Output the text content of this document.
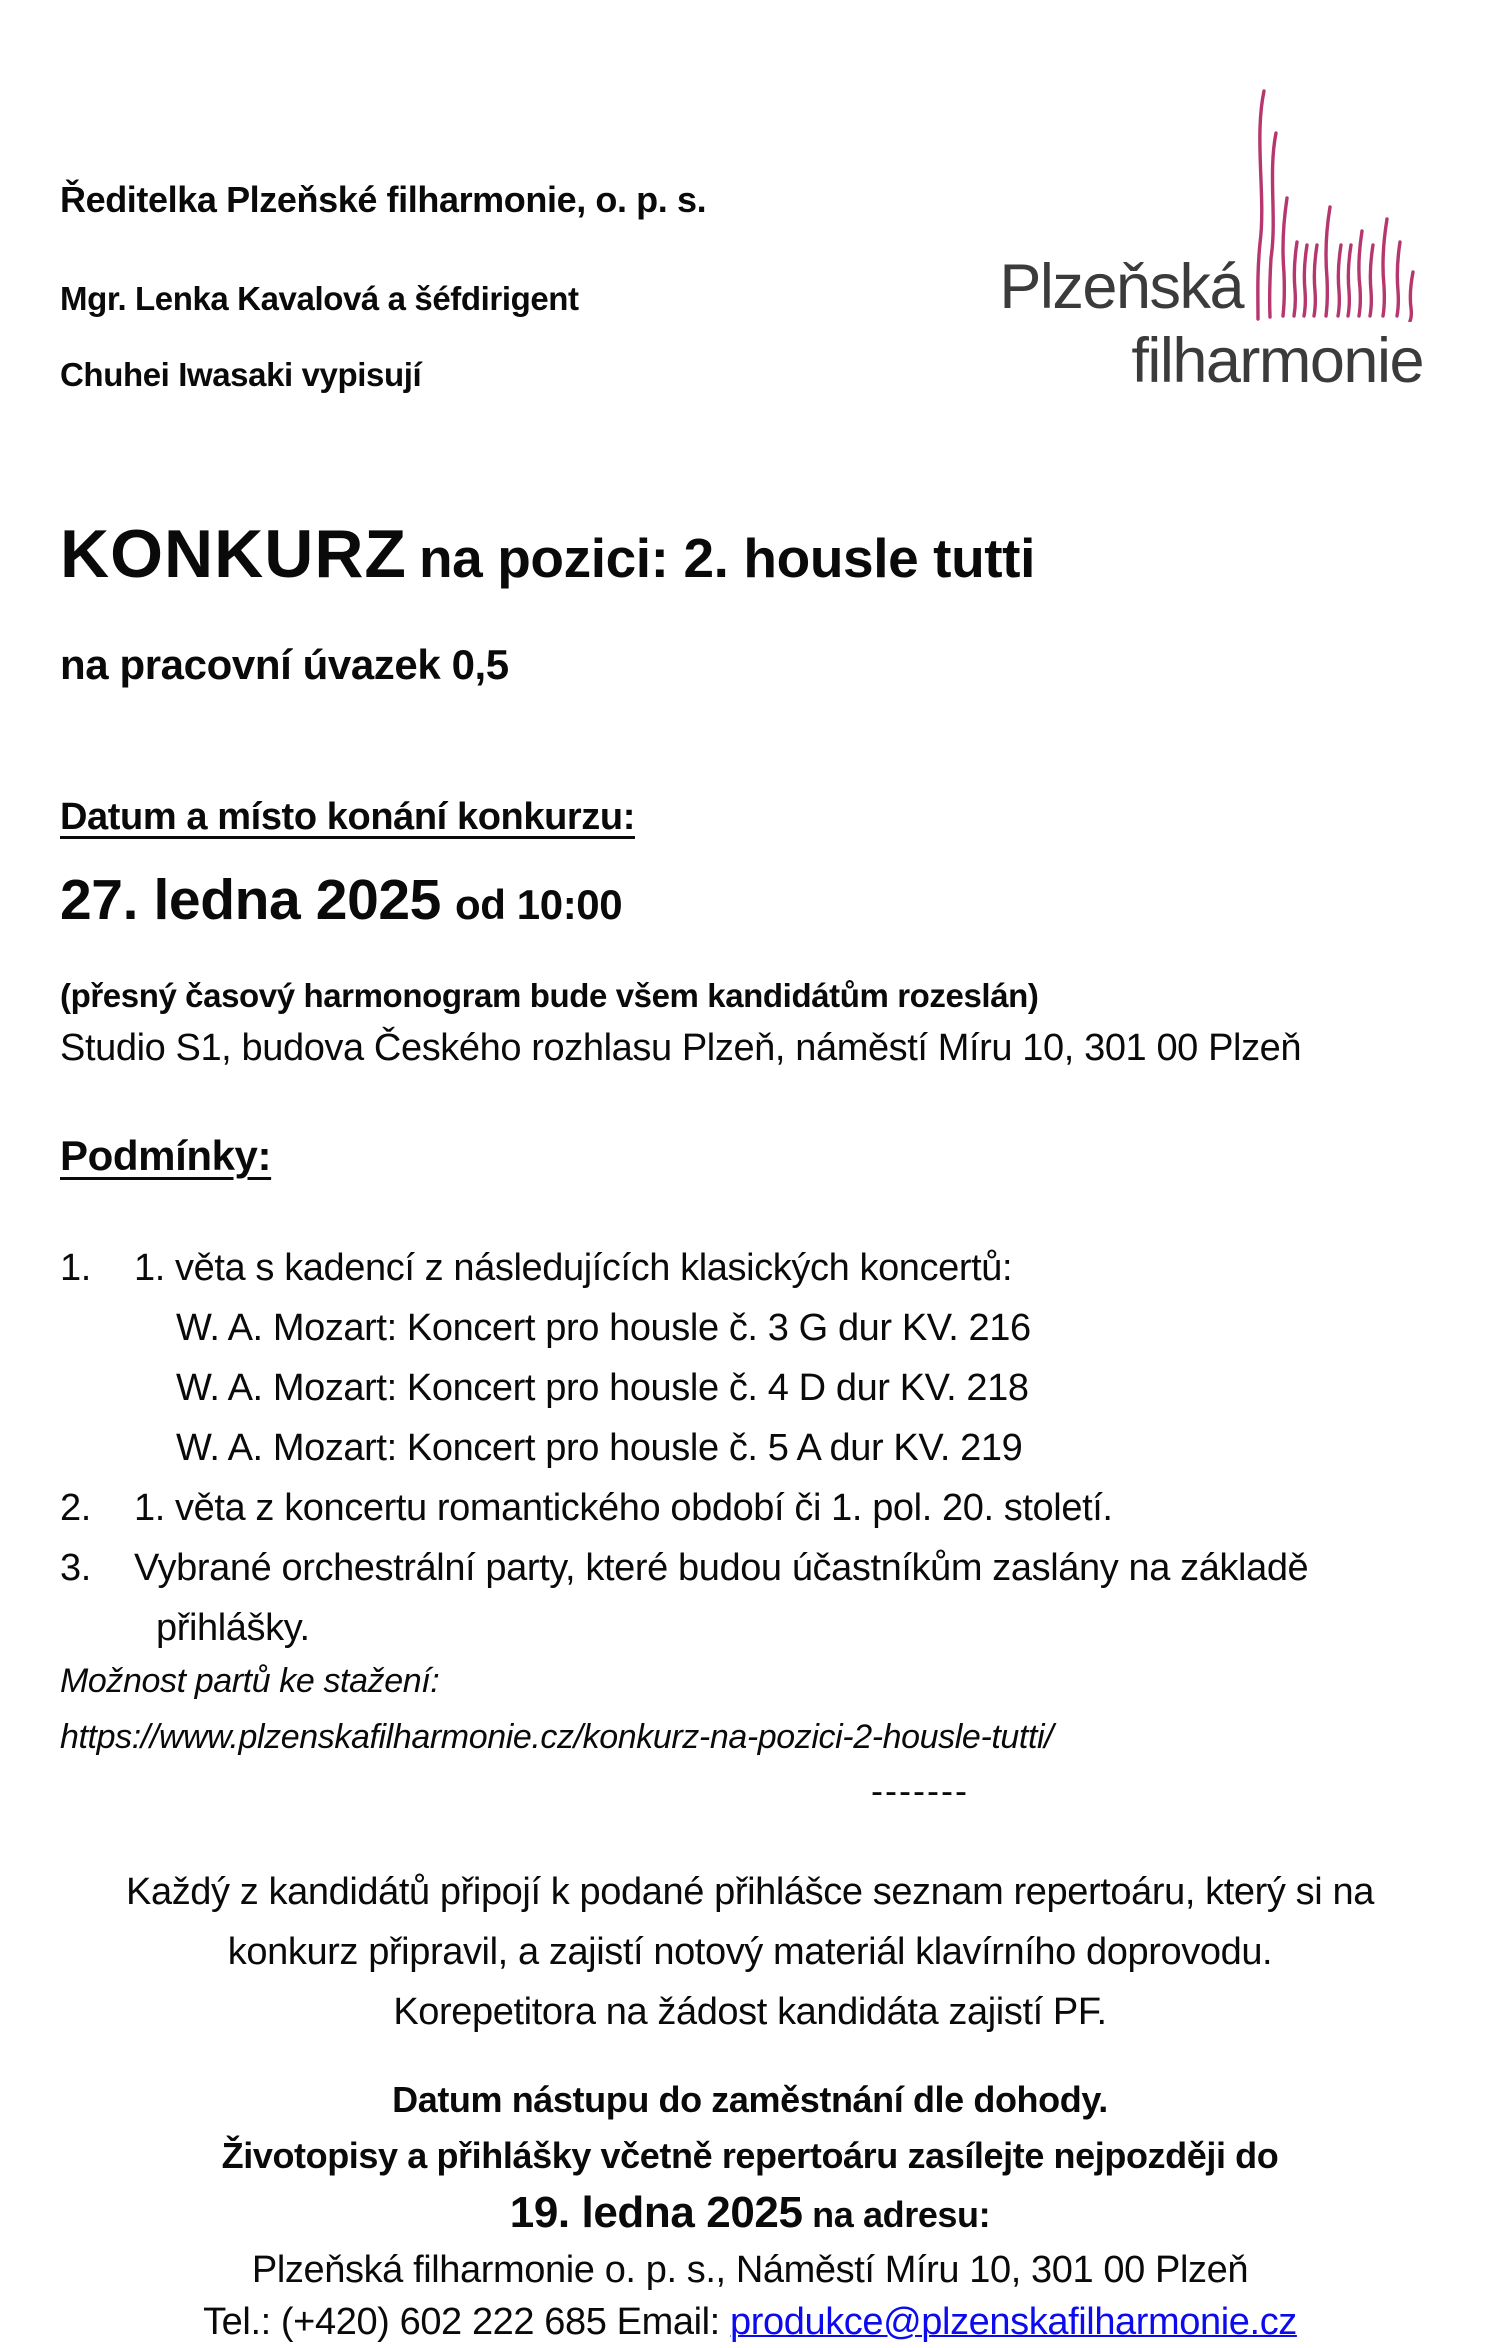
Plzeňská
filharmonie
Ředitelka Plzeňské filharmonie, o. p. s.
Mgr. Lenka Kavalová a šéfdirigent
Chuhei Iwasaki vypisují
KONKURZ na pozici: 2. housle tutti
na pracovní úvazek 0,5
Datum a místo konání konkurzu:
27. ledna 2025 od 10:00
(přesný časový harmonogram bude všem kandidátům rozeslán)
Studio S1, budova Českého rozhlasu Plzeň, náměstí Míru 10, 301 00 Plzeň
Podmínky:
1.	1. věta s kadencí z následujících klasických koncertů:
W. A. Mozart: Koncert pro housle č. 3 G dur KV. 216
W. A. Mozart: Koncert pro housle č. 4 D dur KV. 218
W. A. Mozart: Koncert pro housle č. 5 A dur KV. 219
2.	1. věta z koncertu romantického období či 1. pol. 20. století.
3.	Vybrané orchestrální party, které budou účastníkům zaslány na základě
přihlášky.
Možnost partů ke stažení:
https://www.plzenskafilharmonie.cz/konkurz-na-pozici-2-housle-tutti/
-------
Každý z kandidátů připojí k podané přihlášce seznam repertoáru, který si na
konkurz připravil, a zajistí notový materiál klavírního doprovodu.
Korepetitora na žádost kandidáta zajistí PF.
Datum nástupu do zaměstnání dle dohody.
Životopisy a přihlášky včetně repertoáru zasílejte nejpozději do
19. ledna 2025 na adresu:
Plzeňská filharmonie o. p. s., Náměstí Míru 10, 301 00 Plzeň
Tel.: (+420) 602 222 685 Email: produkce@plzenskafilharmonie.cz
